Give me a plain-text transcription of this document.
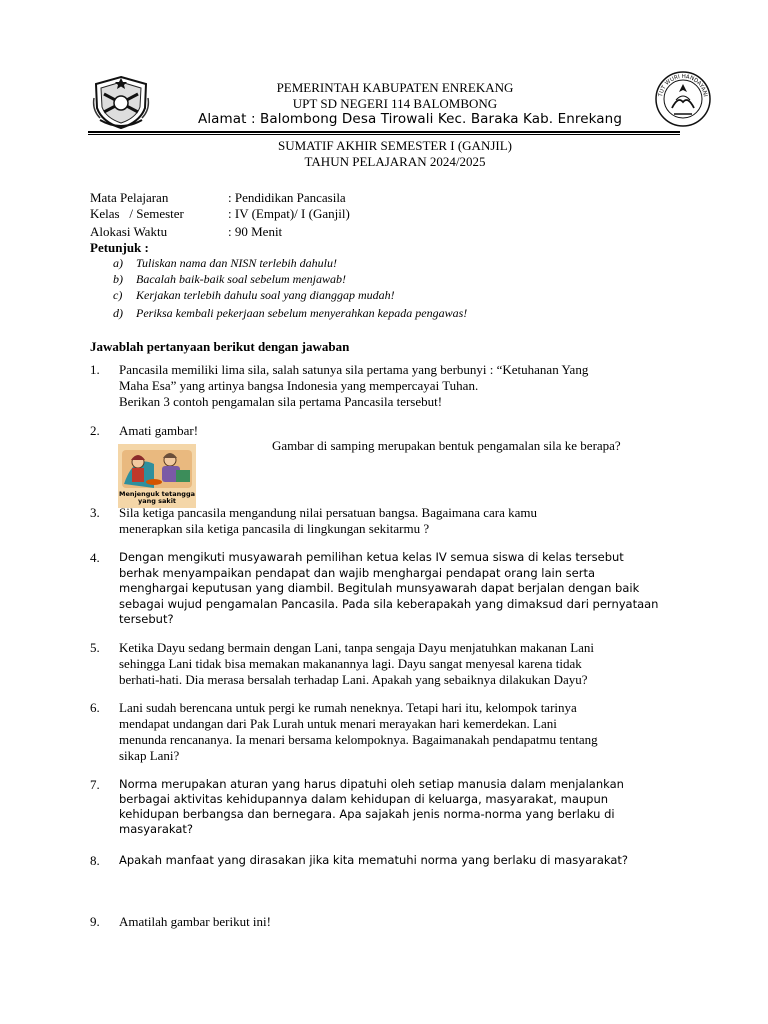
TUT WURI HANDAYANI
PEMERINTAH KABUPATEN ENREKANG
UPT SD NEGERI 114 BALOMBONG
Alamat : Balombong Desa Tirowali Kec. Baraka Kab. Enrekang
SUMATIF AKHIR SEMESTER I (GANJIL)
TAHUN PELAJARAN 2024/2025
Mata Pelajaran	: Pendidikan Pancasila
Kelas   / Semester	: IV (Empat)/ I (Ganjil)
Alokasi Waktu	: 90 Menit
Petunjuk :
a) Tuliskan nama dan NISN terlebih dahulu!
b) Bacalah baik-baik soal sebelum menjawab!
c) Kerjakan terlebih dahulu soal yang dianggap mudah!
d) Periksa kembali pekerjaan sebelum menyerahkan kepada pengawas!
Jawablah pertanyaan berikut dengan jawaban
1. Pancasila memiliki lima sila, salah satunya sila pertama yang berbunyi : “Ketuhanan Yang
Maha Esa” yang artinya bangsa Indonesia yang mempercayai Tuhan.
Berikan 3 contoh pengamalan sila pertama Pancasila tersebut!
2. Amati gambar!
Gambar di samping merupakan bentuk pengamalan sila ke berapa?
Menjenguk tetangga yang sakit
3. Sila ketiga pancasila mengandung nilai persatuan bangsa. Bagaimana cara kamu
menerapkan sila ketiga pancasila di lingkungan sekitarmu ?
4. Dengan mengikuti musyawarah pemilihan ketua kelas IV semua siswa di kelas tersebut
berhak menyampaikan pendapat dan wajib menghargai pendapat orang lain serta
menghargai keputusan yang diambil. Begitulah munsyawarah dapat berjalan dengan baik
sebagai wujud pengamalan Pancasila. Pada sila keberapakah yang dimaksud dari pernyataan
tersebut?
5. Ketika Dayu sedang bermain dengan Lani, tanpa sengaja Dayu menjatuhkan makanan Lani
sehingga Lani tidak bisa memakan makanannya lagi. Dayu sangat menyesal karena tidak
berhati-hati. Dia merasa bersalah terhadap Lani. Apakah yang sebaiknya dilakukan Dayu?
6. Lani sudah berencana untuk pergi ke rumah neneknya. Tetapi hari itu, kelompok tarinya
mendapat undangan dari Pak Lurah untuk menari merayakan hari kemerdekan. Lani
menunda rencananya. Ia menari bersama kelompoknya. Bagaimanakah pendapatmu tentang
sikap Lani?
7. Norma merupakan aturan yang harus dipatuhi oleh setiap manusia dalam menjalankan
berbagai aktivitas kehidupannya dalam kehidupan di keluarga, masyarakat, maupun
kehidupan berbangsa dan bernegara. Apa sajakah jenis norma-norma yang berlaku di
masyarakat?
8. Apakah manfaat yang dirasakan jika kita mematuhi norma yang berlaku di masyarakat?
9. Amatilah gambar berikut ini!
